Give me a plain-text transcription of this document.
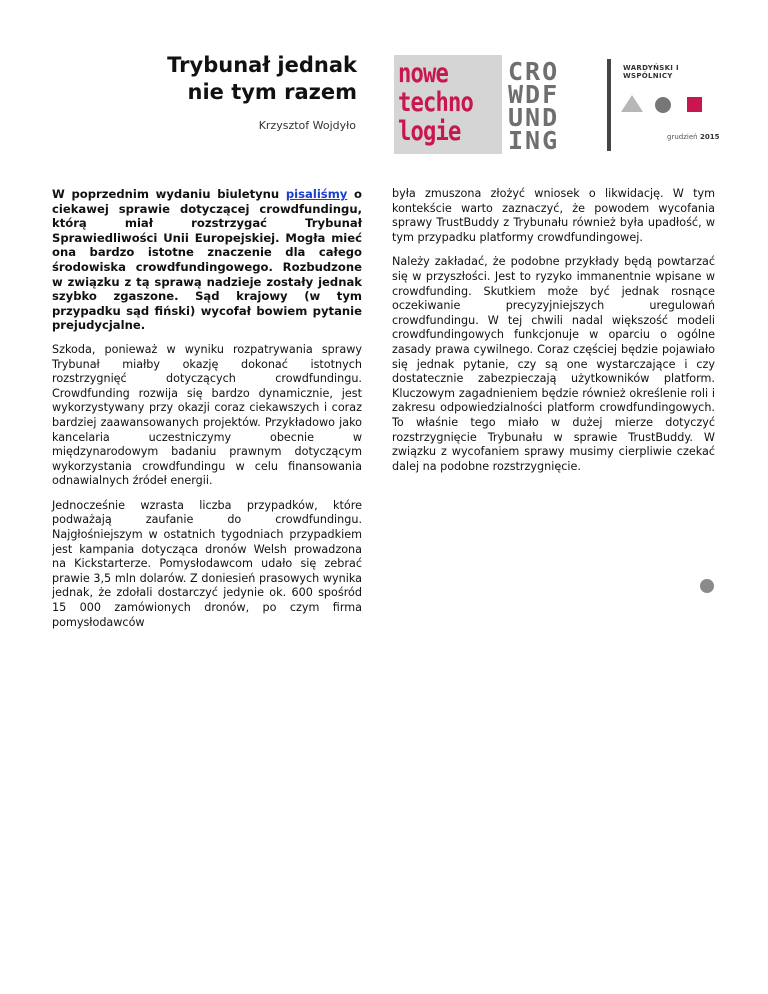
Trybunał jednak
nie tym razem
Krzysztof Wojdyło
nowe
techno
logie
CRO
WDF
UND
ING
WARDYŃSKI I WSPÓLNICY
grudzień 2015

W poprzednim wydaniu biuletynu pisaliśmy o ciekawej sprawie dotyczącej crowdfundingu, którą miał rozstrzygać Trybunał Sprawiedliwości Unii Europejskiej. Mogła mieć ona bardzo istotne znaczenie dla całego środowiska crowdfundingowego. Rozbudzone w związku z tą sprawą nadzieje zostały jednak szybko zgaszone. Sąd krajowy (w tym przypadku sąd fiński) wycofał bowiem pytanie prejudycjalne.

Szkoda, ponieważ w wyniku rozpatrywania sprawy Trybunał miałby okazję dokonać istotnych rozstrzygnięć dotyczących crowdfundingu. Crowdfunding rozwija się bardzo dynamicznie, jest wykorzystywany przy okazji coraz ciekawszych i coraz bardziej zaawansowanych projektów. Przykładowo jako kancelaria uczestniczymy obecnie w międzynarodowym badaniu prawnym dotyczącym wykorzystania crowdfundingu w celu finansowania odnawialnych źródeł energii.

Jednocześnie wzrasta liczba przypadków, które podważają zaufanie do crowdfundingu. Najgłośniejszym w ostatnich tygodniach przypadkiem jest kampania dotycząca dronów Welsh prowadzona na Kickstarterze. Pomysłodawcom udało się zebrać prawie 3,5 mln dolarów. Z doniesień prasowych wynika jednak, że zdołali dostarczyć jedynie ok. 600 spośród 15 000 zamówionych dronów, po czym firma pomysłodawców

była zmuszona złożyć wniosek o likwidację. W tym kontekście warto zaznaczyć, że powodem wycofania sprawy TrustBuddy z Trybunału również była upadłość, w tym przypadku platformy crowdfundingowej.

Należy zakładać, że podobne przykłady będą powtarzać się w przyszłości. Jest to ryzyko immanentnie wpisane w crowdfunding. Skutkiem może być jednak rosnące oczekiwanie precyzyjniejszych uregulowań crowdfundingu. W tej chwili nadal większość modeli crowdfundingowych funkcjonuje w oparciu o ogólne zasady prawa cywilnego. Coraz częściej będzie pojawiało się jednak pytanie, czy są one wystarczające i czy dostatecznie zabezpieczają użytkowników platform. Kluczowym zagadnieniem będzie również określenie roli i zakresu odpowiedzialności platform crowdfundingowych. To właśnie tego miało w dużej mierze dotyczyć rozstrzygnięcie Trybunału w sprawie TrustBuddy. W związku z wycofaniem sprawy musimy cierpliwie czekać dalej na podobne rozstrzygnięcie.
